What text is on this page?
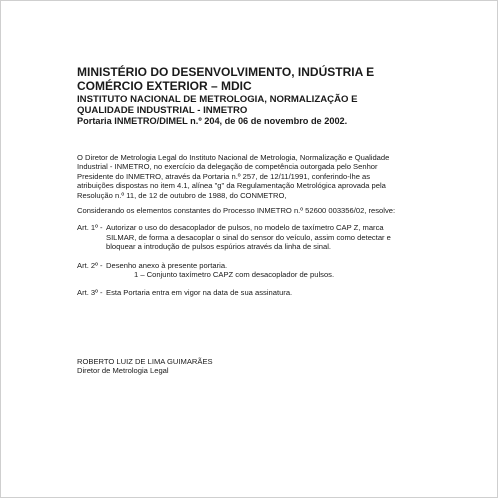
MINISTÉRIO DO DESENVOLVIMENTO, INDÚSTRIA E
COMÉRCIO EXTERIOR – MDIC

INSTITUTO NACIONAL DE METROLOGIA, NORMALIZAÇÃO E
QUALIDADE INDUSTRIAL - INMETRO

Portaria INMETRO/DIMEL n.º 204, de 06 de novembro de 2002.

O Diretor de Metrologia Legal do Instituto Nacional de Metrologia, Normalização e Qualidade
Industrial - INMETRO, no exercício da delegação de competência outorgada pelo Senhor
Presidente do INMETRO, através da Portaria n.º 257, de 12/11/1991, conferindo-lhe as
atribuições dispostas no item 4.1, alínea "g" da Regulamentação Metrológica aprovada pela
Resolução n.º 11, de 12 de outubro de 1988, do CONMETRO,

Considerando os elementos constantes do Processo INMETRO n.º 52600 003356/02, resolve:

Art. 1º - Autorizar o uso do desacoplador de pulsos, no modelo de taxímetro CAP Z, marca
SILMAR, de forma a desacoplar o sinal do sensor do veículo, assim como detectar e
bloquear a introdução de pulsos espúrios através da linha de sinal.
Art. 2º - Desenho anexo à presente portaria.
1 – Conjunto taxímetro CAPZ com desacoplador de pulsos.
Art. 3º - Esta Portaria entra em vigor na data de sua assinatura.

ROBERTO LUIZ DE LIMA GUIMARÃES

Diretor de Metrologia Legal
